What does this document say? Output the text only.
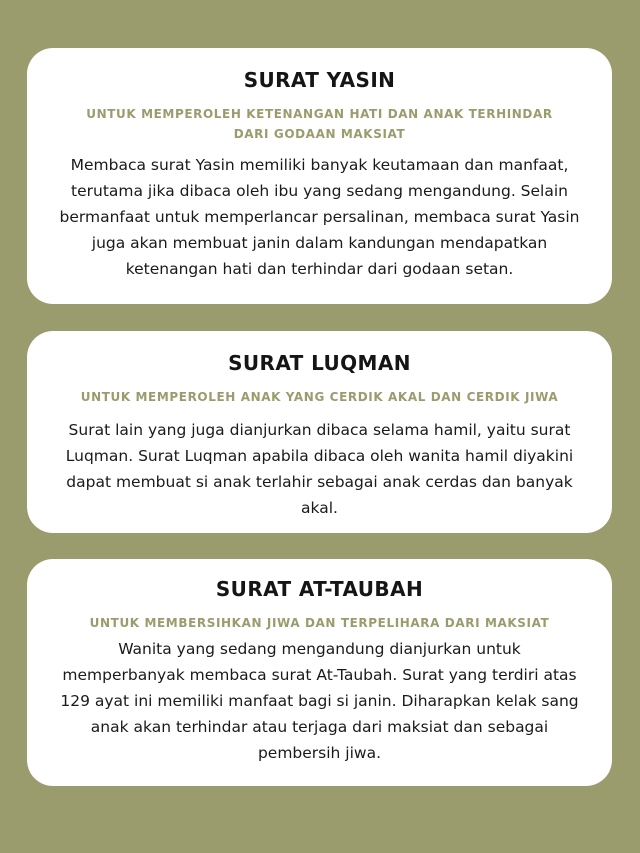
SURAT YASIN

UNTUK MEMPEROLEH KETENANGAN HATI DAN ANAK TERHINDAR DARI GODAAN MAKSIAT

Membaca surat Yasin memiliki banyak keutamaan dan manfaat, terutama jika dibaca oleh ibu yang sedang mengandung. Selain bermanfaat untuk memperlancar persalinan, membaca surat Yasin juga akan membuat janin dalam kandungan mendapatkan ketenangan hati dan terhindar dari godaan setan.

SURAT LUQMAN

UNTUK MEMPEROLEH ANAK YANG CERDIK AKAL DAN CERDIK JIWA

Surat lain yang juga dianjurkan dibaca selama hamil, yaitu surat Luqman. Surat Luqman apabila dibaca oleh wanita hamil diyakini dapat membuat si anak terlahir sebagai anak cerdas dan banyak akal.

SURAT AT-TAUBAH

UNTUK MEMBERSIHKAN JIWA DAN TERPELIHARA DARI MAKSIAT

Wanita yang sedang mengandung dianjurkan untuk memperbanyak membaca surat At-Taubah. Surat yang terdiri atas 129 ayat ini memiliki manfaat bagi si janin. Diharapkan kelak sang anak akan terhindar atau terjaga dari maksiat dan sebagai pembersih jiwa.
